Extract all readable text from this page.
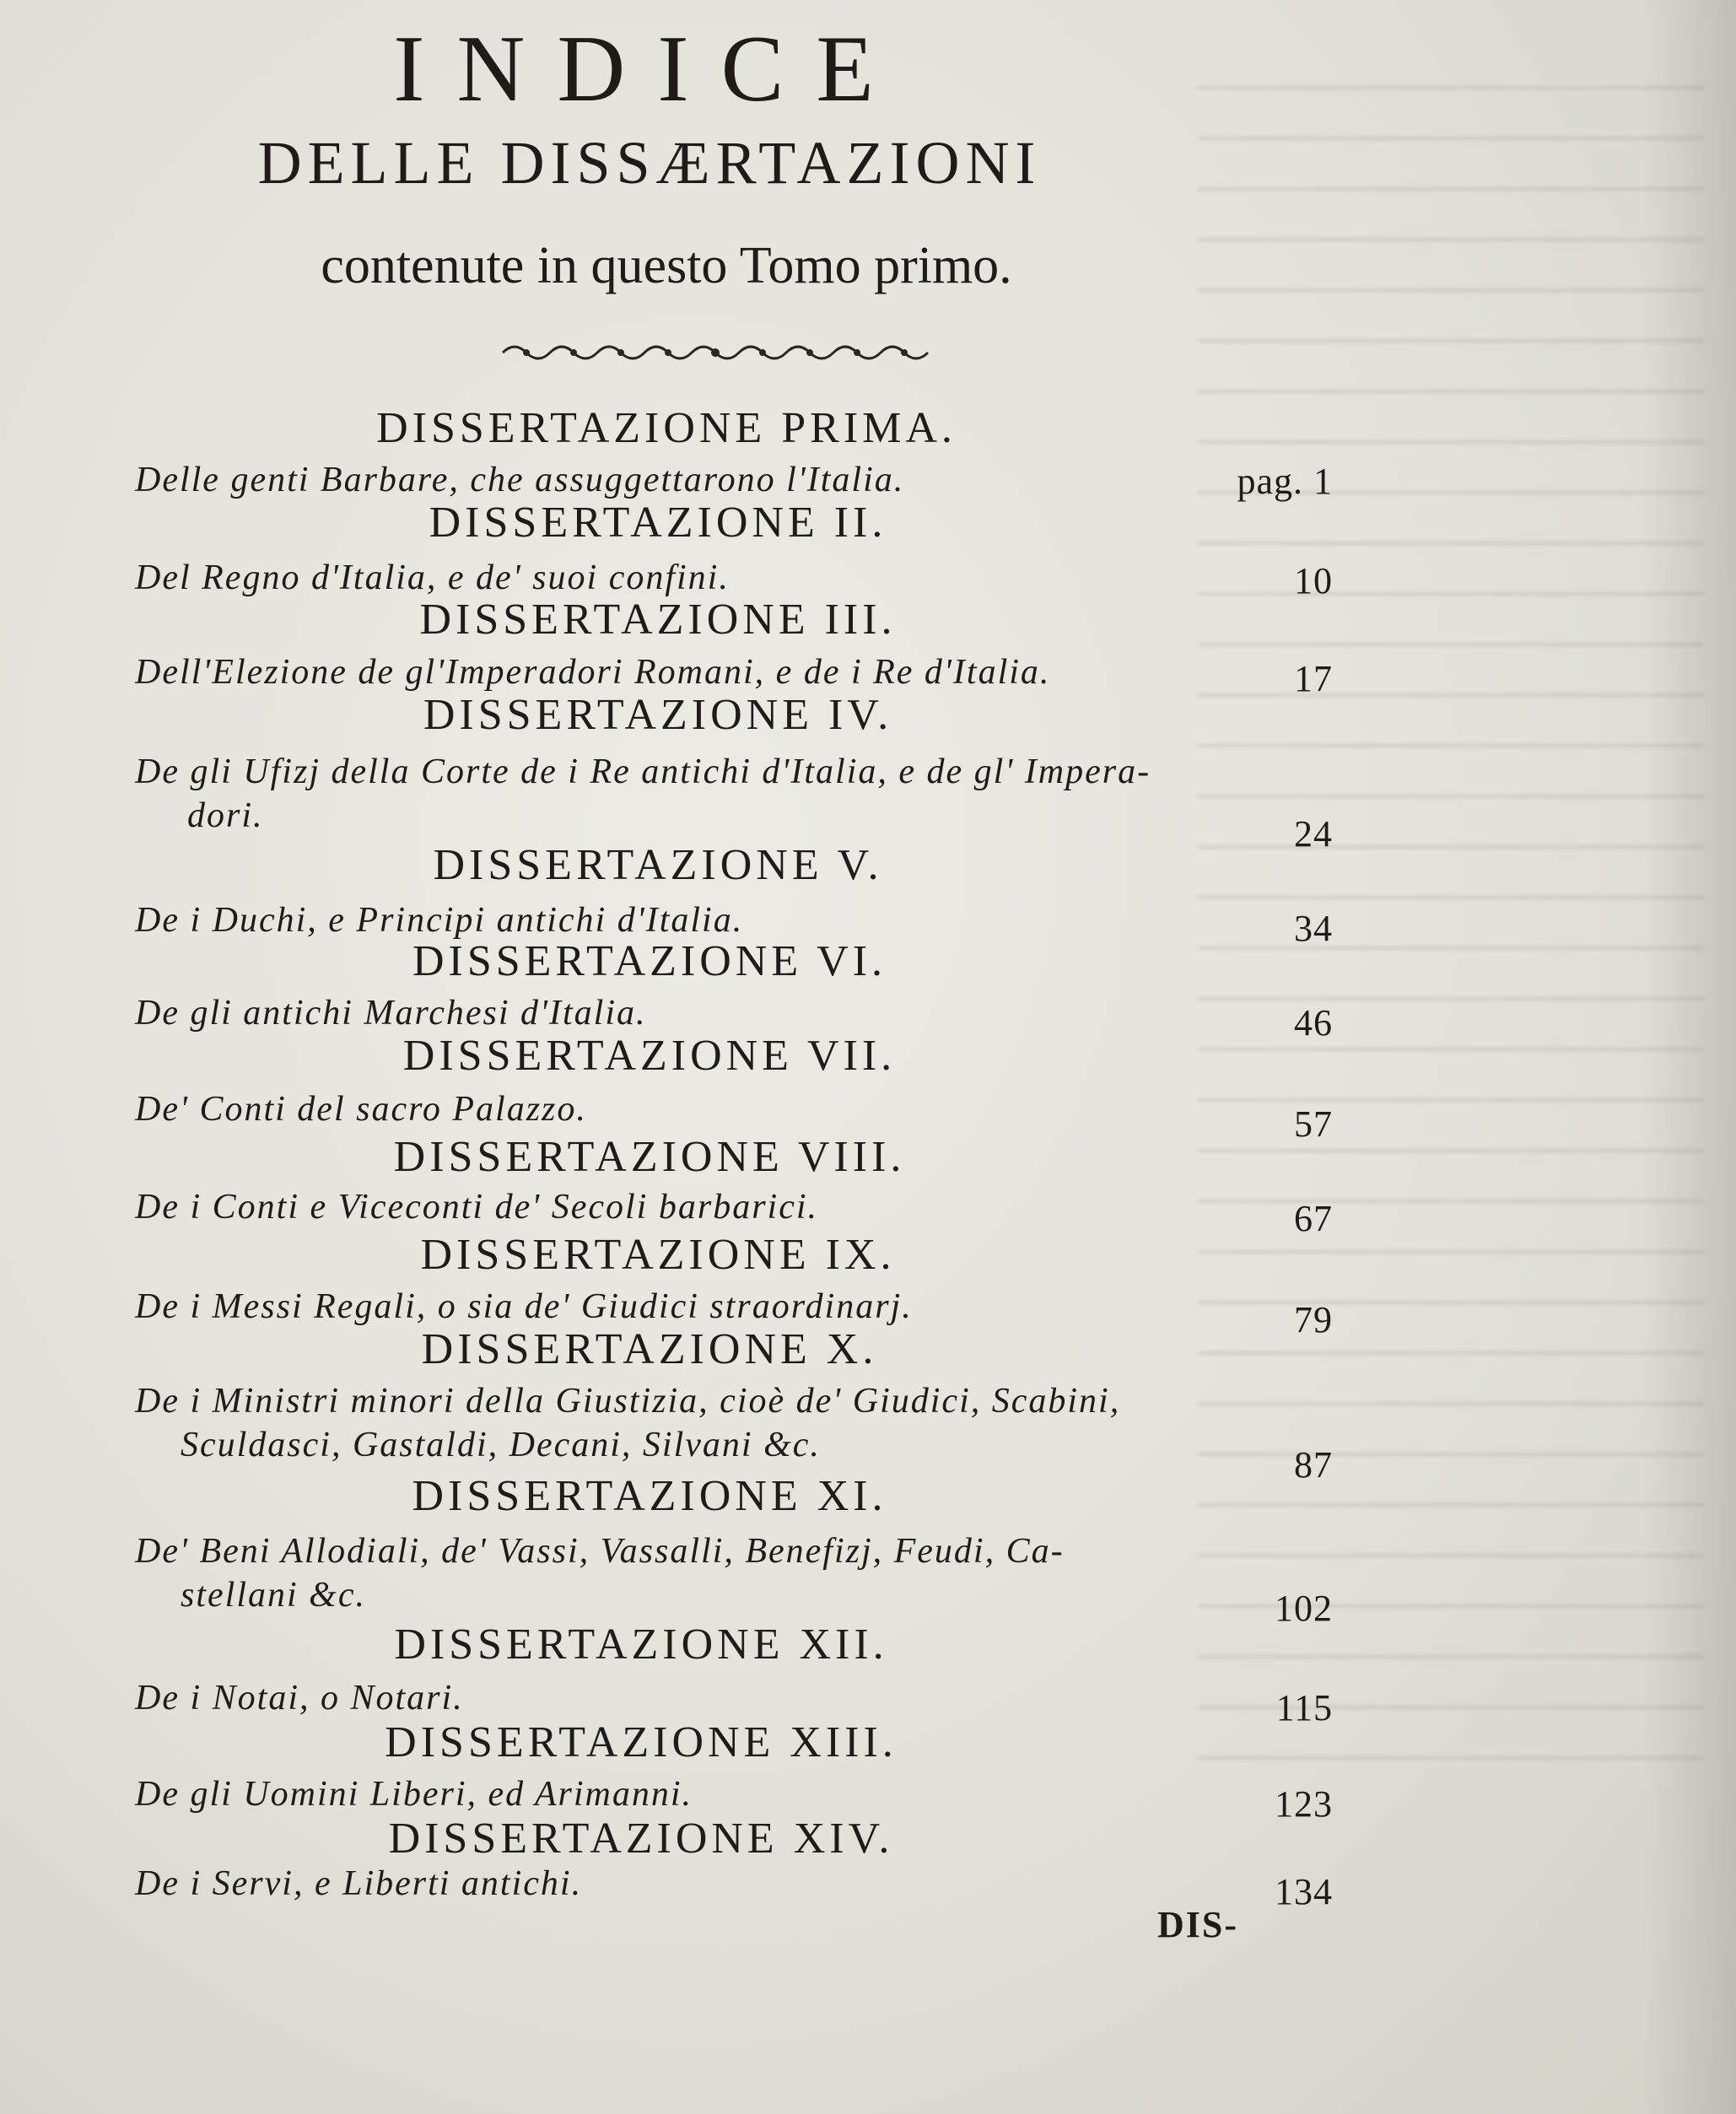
INDICE
DELLE DISSÆRTAZIONI
contenute in questo Tomo primo.
DISSERTAZIONE PRIMA.
Delle genti Barbare, che assuggettarono l'Italia.	pag. 1
DISSERTAZIONE II.
Del Regno d'Italia, e de' suoi confini.	10
DISSERTAZIONE III.
Dell'Elezione de gl'Imperadori Romani, e de i Re d'Italia.	17
DISSERTAZIONE IV.
De gli Ufizj della Corte de i Re antichi d'Italia, e de gl' Impera-
dori.	24
DISSERTAZIONE V.
De i Duchi, e Principi antichi d'Italia.	34
DISSERTAZIONE VI.
De gli antichi Marchesi d'Italia.	46
DISSERTAZIONE VII.
De' Conti del sacro Palazzo.	57
DISSERTAZIONE VIII.
De i Conti e Viceconti de' Secoli barbarici.	67
DISSERTAZIONE IX.
De i Messi Regali, o sia de' Giudici straordinarj.	79
DISSERTAZIONE X.
De i Ministri minori della Giustizia, cioè de' Giudici, Scabini,
Sculdasci, Gastaldi, Decani, Silvani &c.	87
DISSERTAZIONE XI.
De' Beni Allodiali, de' Vassi, Vassalli, Benefizj, Feudi, Ca-
stellani &c.	102
DISSERTAZIONE XII.
De i Notai, o Notari.	115
DISSERTAZIONE XIII.
De gli Uomini Liberi, ed Arimanni.	123
DISSERTAZIONE XIV.
De i Servi, e Liberti antichi.	134
DIS-
